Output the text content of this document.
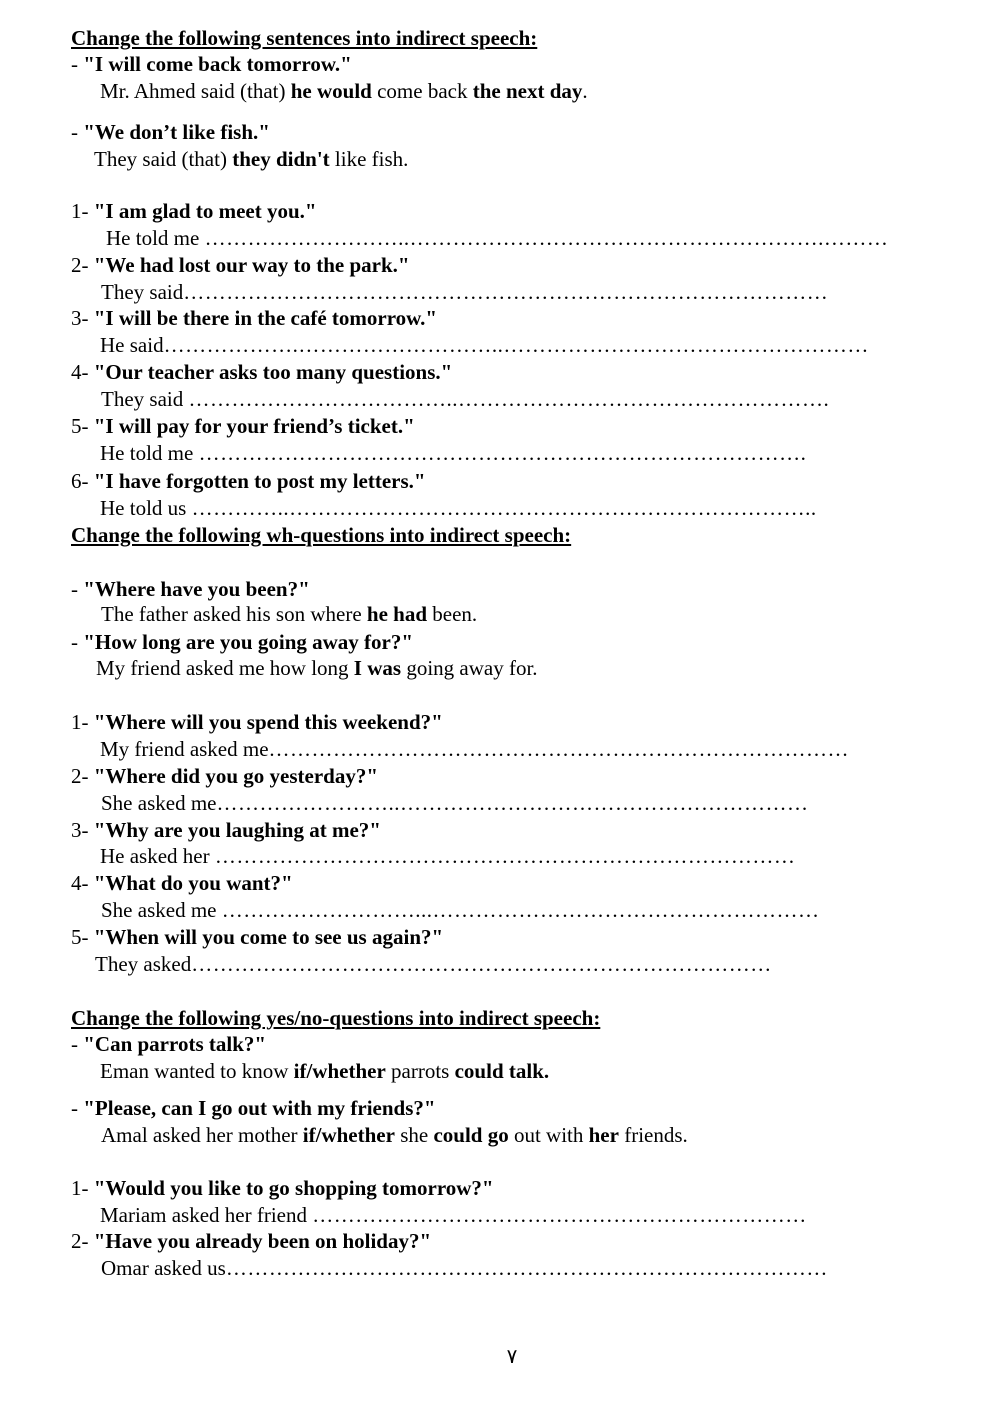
Change the following sentences into indirect speech:
- "I will come back tomorrow."
Mr. Ahmed said (that) he would come back the next day.
- "We don’t like fish."
They said (that) they didn't like fish.
1- "I am glad to meet you."
He told me ………………………..………………………………………………….………
2- "We had lost our way to the park."
They said………………………………………………………………………………
3- "I will be there in the café tomorrow."
He said……………….………………………..……………………………………………
4- "Our teacher asks too many questions."
They said ………………………………..…………………………………………….
5- "I will pay for your friend’s ticket."
He told me ………………………………………………………………………….
6- "I have forgotten to post my letters."
He told us …………..………………………………………………………………..
Change the following wh-questions into indirect speech:
- "Where have you been?"
The father asked his son where he had been.
- "How long are you going away for?"
My friend asked me how long I was going away for.
1- "Where will you spend this weekend?"
My friend asked me………………………………………………………………………
2- "Where did you go yesterday?"
She asked me……………………..…………………………………………………
3- "Why are you laughing at me?"
He asked her ………………………………………………………………………
4- "What do you want?"
She asked me ………………………...………………………………………………
5- "When will you come to see us again?"
They asked………………………………………………………………………
Change the following yes/no-questions into indirect speech:
- "Can parrots talk?"
Eman wanted to know if/whether parrots could talk.
- "Please, can I go out with my friends?"
Amal asked her mother if/whether she could go out with her friends.
1- "Would you like to go shopping tomorrow?"
Mariam asked her friend ……………………………………………………………
2- "Have you already been on holiday?"
Omar asked us…………………………………………………………………………
٧
